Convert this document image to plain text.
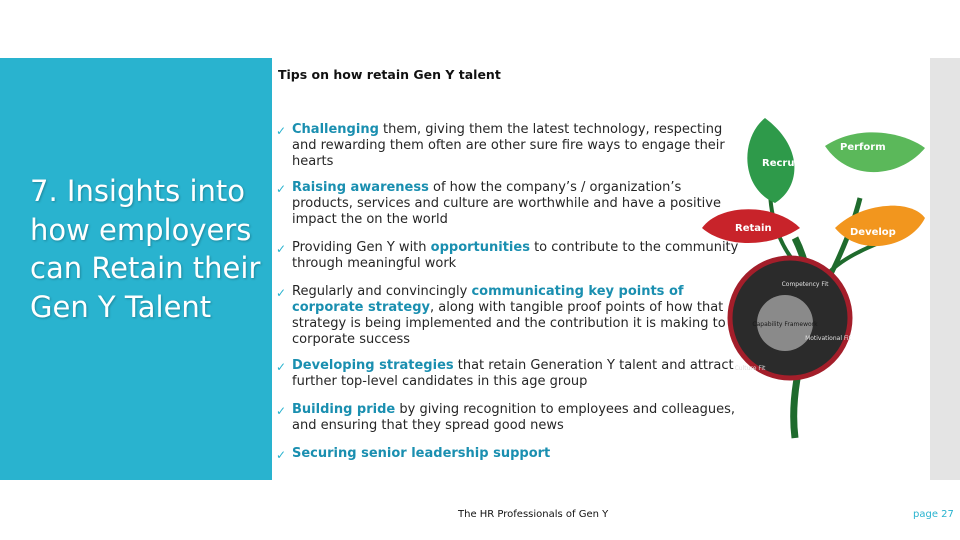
7. Insights into how employers can Retain their Gen Y Talent
Tips on how retain Gen Y talent
Recruit
Perform
Retain	Develop
Capability Framework
Competency Fit
Motivational Fit
Culture Fit
✓ Challenging them, giving them the latest technology, respecting and rewarding them often are other sure fire ways to engage their hearts
✓ Raising awareness of how the company’s / organization’s products, services and culture are worthwhile and have a positive impact the on the world
✓ Providing Gen Y with opportunities to contribute to the community through meaningful work
✓ Regularly and convincingly communicating key points of corporate strategy, along with tangible proof points of how that strategy is being implemented and the contribution it is making to corporate success
✓ Developing strategies that retain Generation Y talent and attract further top-level candidates in this age group
✓ Building pride by giving recognition to employees and colleagues, and ensuring that they spread good news
✓ Securing senior leadership support
The HR Professionals of Gen Y	page 27
